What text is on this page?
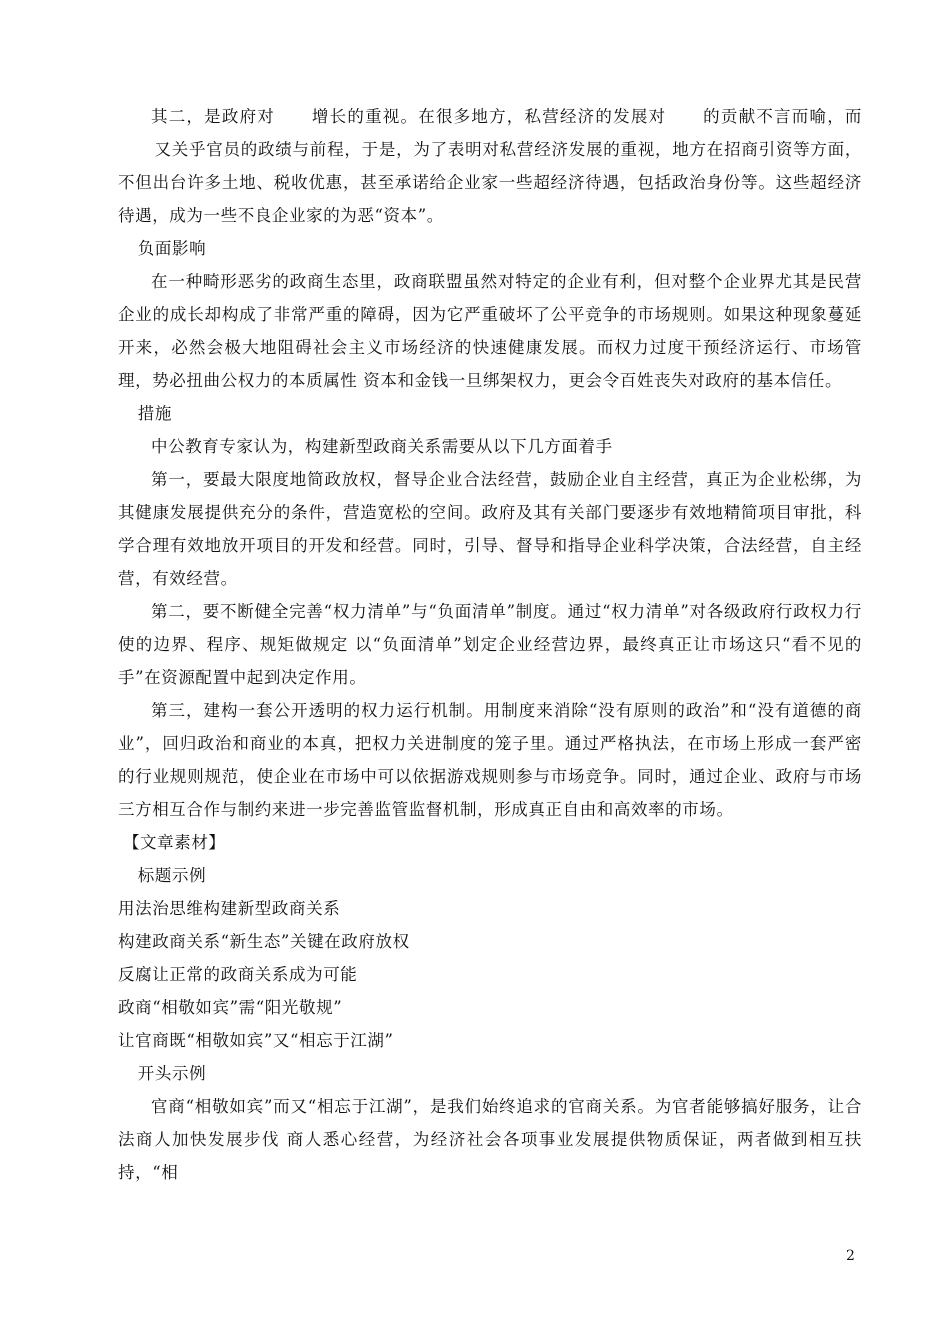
其二，是政府对 增长的重视。在很多地方，私营经济的发展对 的贡献不言而喻，而又关乎官员的政绩与前程，于是，为了表明对私营经济发展的重视，地方在招商引资等方面，不但出台许多土地、税收优惠，甚至承诺给企业家一些超经济待遇，包括政治身份等。这些超经济待遇，成为一些不良企业家的为恶“资本”。

负面影响

在一种畸形恶劣的政商生态里，政商联盟虽然对特定的企业有利，但对整个企业界尤其是民营企业的成长却构成了非常严重的障碍，因为它严重破坏了公平竞争的市场规则。如果这种现象蔓延开来，必然会极大地阻碍社会主义市场经济的快速健康发展。而权力过度干预经济运行、市场管理，势必扭曲公权力的本质属性 资本和金钱一旦绑架权力，更会令百姓丧失对政府的基本信任。

措施

中公教育专家认为，构建新型政商关系需要从以下几方面着手

第一，要最大限度地简政放权，督导企业合法经营，鼓励企业自主经营，真正为企业松绑，为其健康发展提供充分的条件，营造宽松的空间。政府及其有关部门要逐步有效地精简项目审批，科学合理有效地放开项目的开发和经营。同时，引导、督导和指导企业科学决策，合法经营，自主经营，有效经营。

第二，要不断健全完善“权力清单”与“负面清单”制度。通过“权力清单”对各级政府行政权力行使的边界、程序、规矩做规定 以“负面清单”划定企业经营边界，最终真正让市场这只“看不见的手”在资源配置中起到决定作用。

第三，建构一套公开透明的权力运行机制。用制度来消除“没有原则的政治”和“没有道德的商业”，回归政治和商业的本真，把权力关进制度的笼子里。通过严格执法，在市场上形成一套严密的行业规则规范，使企业在市场中可以依据游戏规则参与市场竞争。同时，通过企业、政府与市场三方相互合作与制约来进一步完善监管监督机制，形成真正自由和高效率的市场。

【文章素材】

标题示例

用法治思维构建新型政商关系

构建政商关系“新生态”关键在政府放权

反腐让正常的政商关系成为可能

政商“相敬如宾”需“阳光敬规”

让官商既“相敬如宾”又“相忘于江湖”

开头示例

官商“相敬如宾”而又“相忘于江湖”，是我们始终追求的官商关系。为官者能够搞好服务，让合法商人加快发展步伐 商人悉心经营，为经济社会各项事业发展提供物质保证，两者做到相互扶持，“相

2
